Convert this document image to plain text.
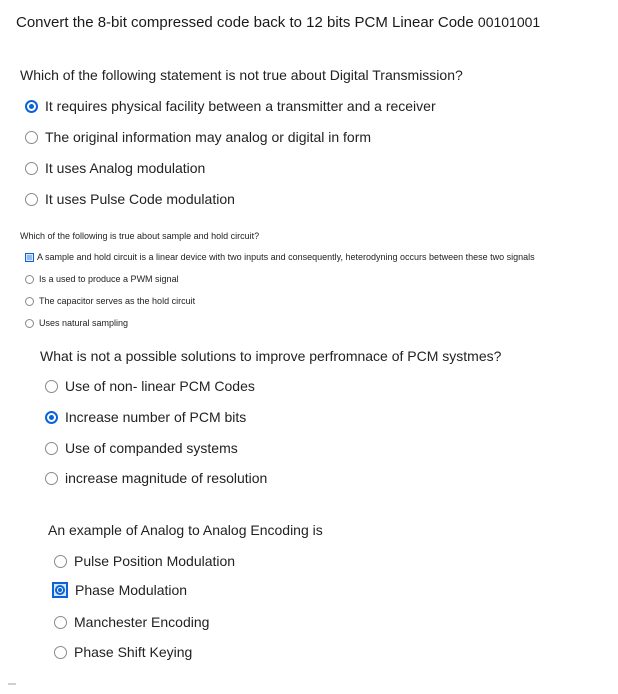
Convert the 8-bit compressed code back to 12 bits PCM Linear Code 00101001
Which of the following statement is not true about Digital Transmission?
It requires physical facility between a transmitter and a receiver
The original information may analog or digital in form
It uses Analog modulation
It uses Pulse Code modulation
Which of the following is true about sample and hold circuit?
A sample and hold circuit is a linear device with two inputs and consequently, heterodyning occurs between these two signals
Is a used to produce a PWM signal
The capacitor serves as the hold circuit
Uses natural sampling
What is not a possible solutions to improve perfromnace of PCM systmes?
Use of non- linear PCM Codes
Increase number of PCM bits
Use of companded systems
increase magnitude of resolution
An example of Analog to Analog Encoding is
Pulse Position Modulation
Phase Modulation
Manchester Encoding
Phase Shift Keying
